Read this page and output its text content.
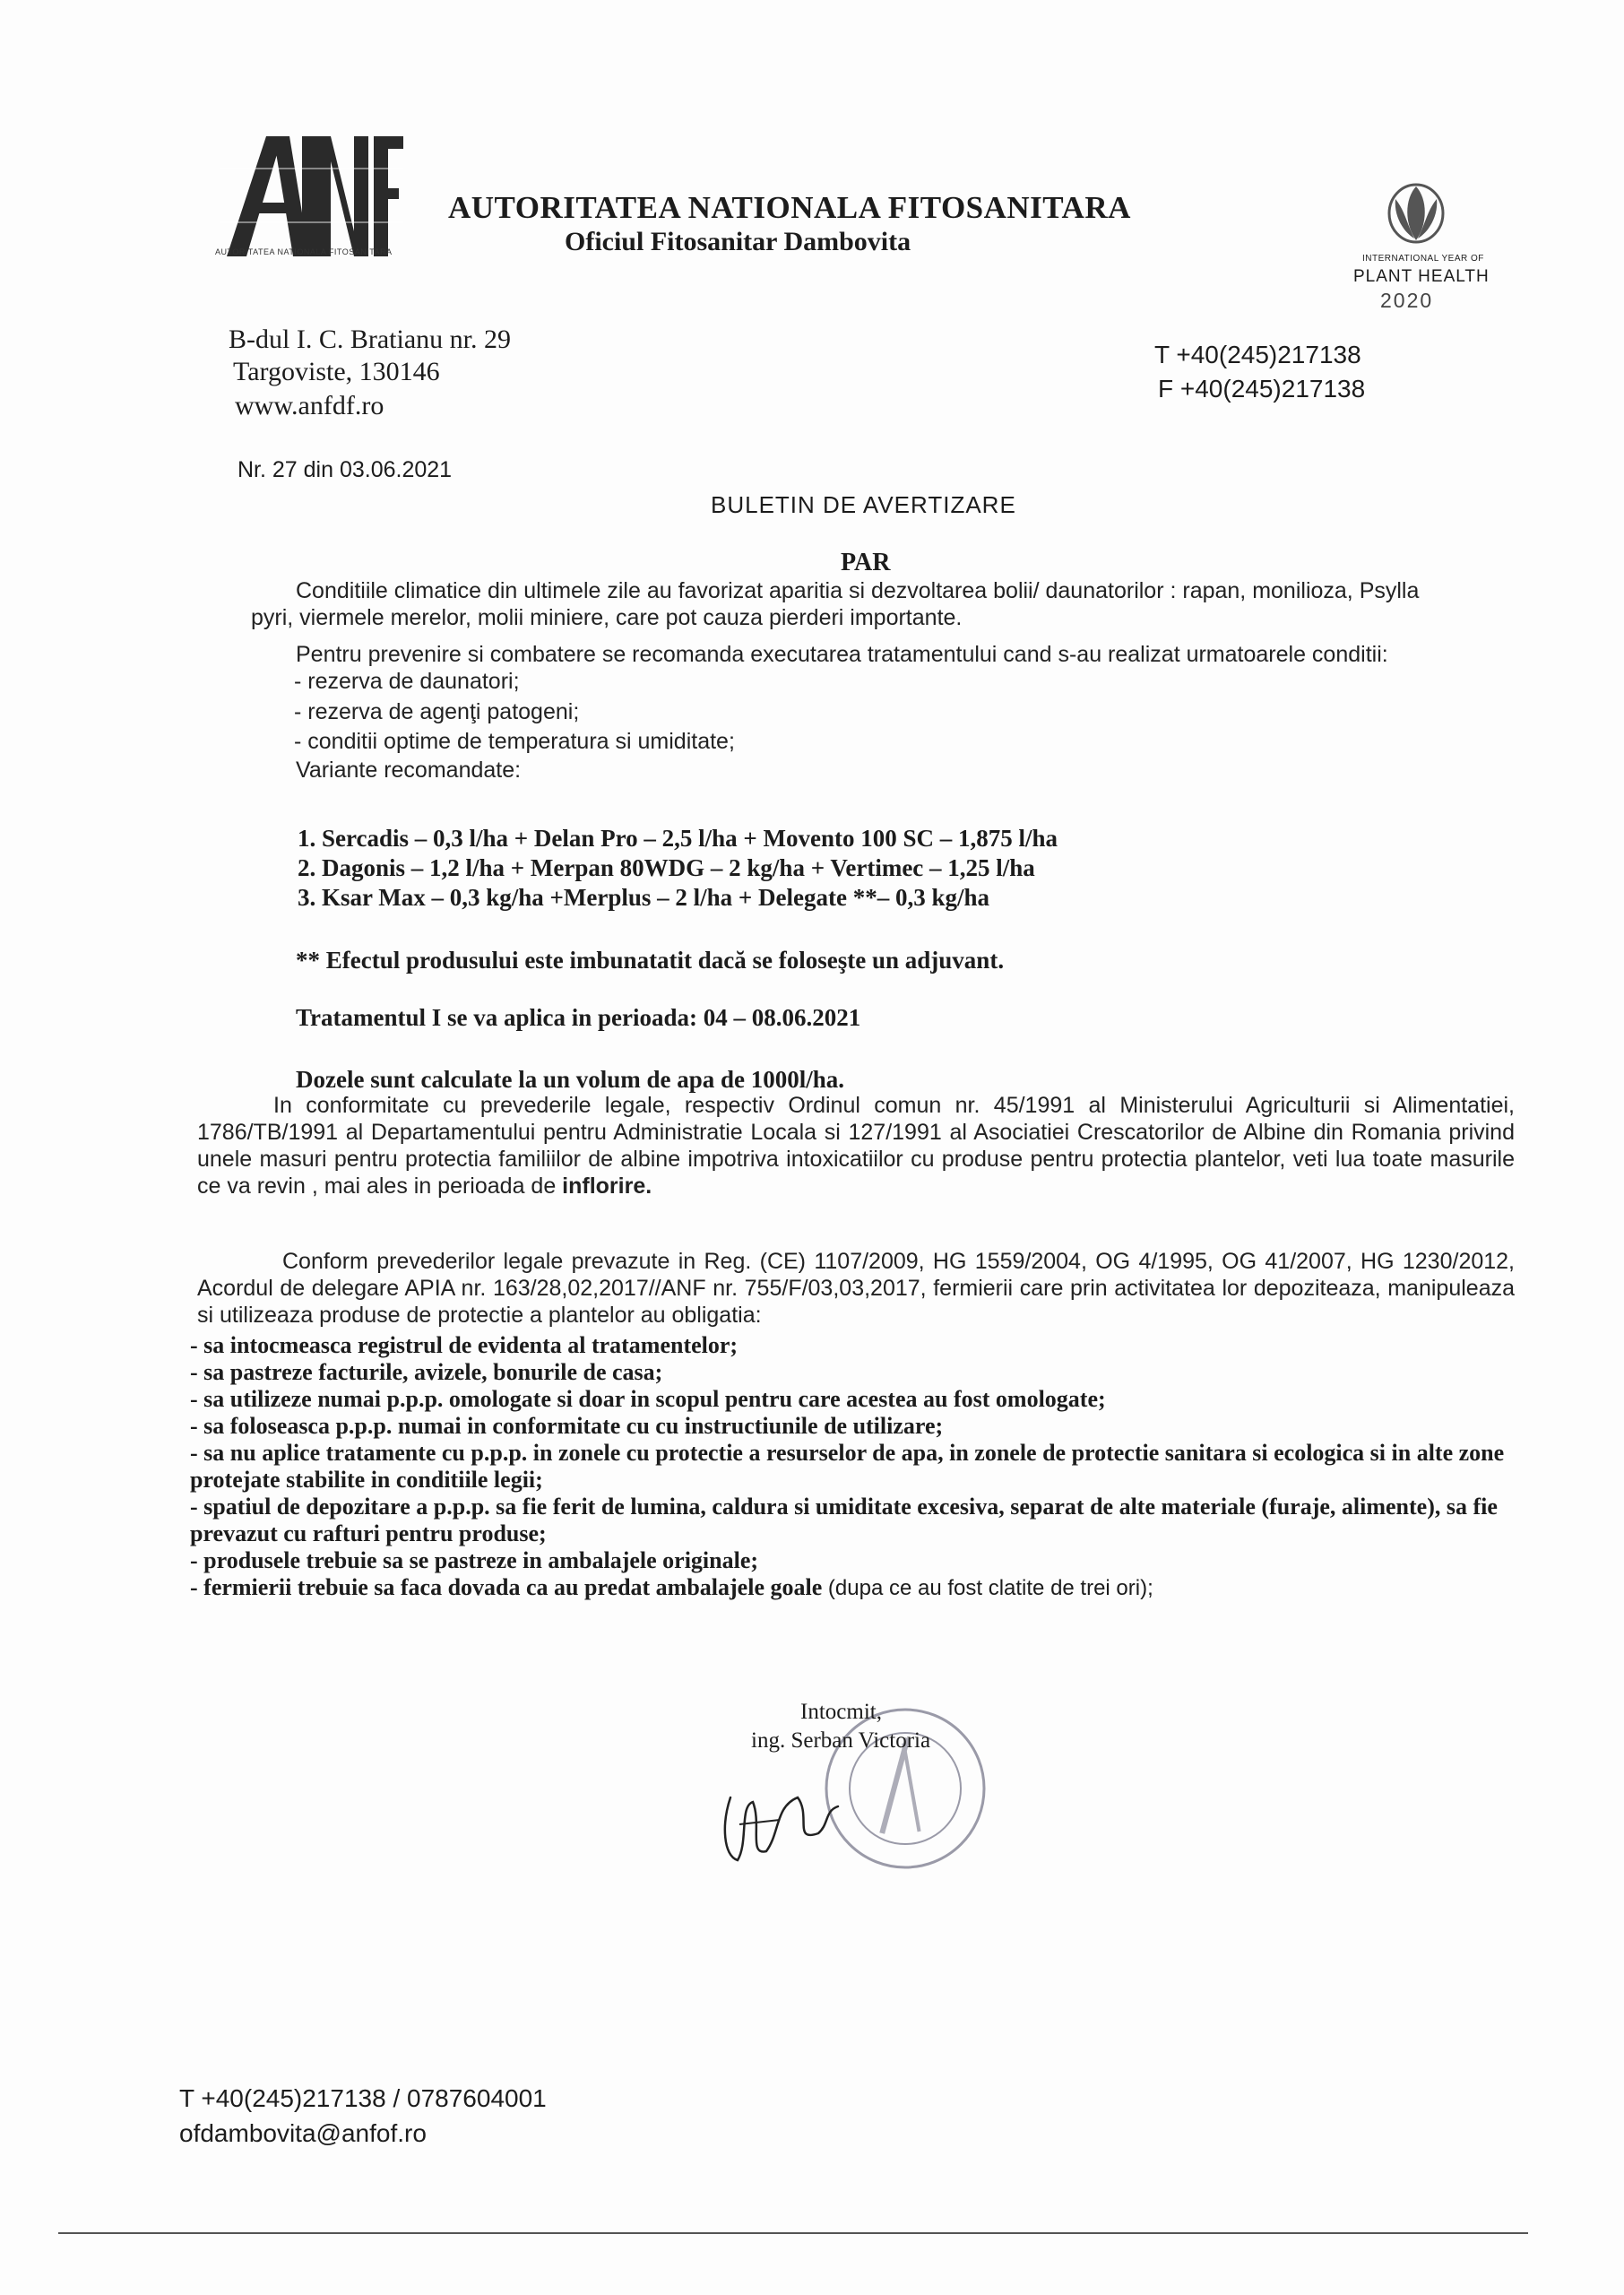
AUTORITATEA NATIONALA FITOSANITARA
AUTORITATEA NATIONALA FITOSANITARA
Oficiul Fitosanitar Dambovita
INTERNATIONAL YEAR OF
PLANT HEALTH
2020
B-dul I. C. Bratianu nr. 29
Targoviste, 130146
www.anfdf.ro
T +40(245)217138
F +40(245)217138
Nr. 27 din 03.06.2021
BULETIN DE AVERTIZARE
PAR
Conditiile climatice din ultimele zile au favorizat aparitia si dezvoltarea bolii/ daunatorilor : rapan, monilioza, Psylla
pyri, viermele merelor, molii miniere, care pot cauza pierderi importante.
Pentru prevenire si combatere se recomanda executarea tratamentului cand s-au realizat urmatoarele conditii:
- rezerva de daunatori;
- rezerva de agenţi patogeni;
- conditii optime de temperatura si umiditate;
Variante recomandate:
1. Sercadis – 0,3 l/ha + Delan Pro – 2,5 l/ha + Movento 100 SC – 1,875 l/ha
2. Dagonis – 1,2 l/ha + Merpan 80WDG – 2 kg/ha + Vertimec – 1,25 l/ha
3. Ksar Max – 0,3 kg/ha +Merplus – 2 l/ha + Delegate **– 0,3 kg/ha
** Efectul produsului este imbunatatit dacă se foloseşte un adjuvant.
Tratamentul I se va aplica in perioada: 04 – 08.06.2021
Dozele sunt calculate la un volum de apa de 1000l/ha.
In conformitate cu prevederile legale, respectiv Ordinul comun nr. 45/1991 al Ministerului Agriculturii si Alimentatiei, 1786/TB/1991 al Departamentului pentru Administratie Locala si 127/1991 al Asociatiei Crescatorilor de Albine din Romania privind unele masuri pentru protectia familiilor de albine impotriva intoxicatiilor cu produse pentru protectia plantelor, veti lua toate masurile ce va revin , mai ales in perioada de inflorire.
Conform prevederilor legale prevazute in Reg. (CE) 1107/2009, HG 1559/2004, OG 4/1995, OG 41/2007, HG 1230/2012, Acordul de delegare APIA nr. 163/28,02,2017//ANF nr. 755/F/03,03,2017, fermierii care prin activitatea lor depoziteaza, manipuleaza si utilizeaza produse de protectie a plantelor au obligatia:
- sa intocmeasca registrul de evidenta al tratamentelor;
- sa pastreze facturile, avizele, bonurile de casa;
- sa utilizeze numai p.p.p. omologate si doar in scopul pentru care acestea au fost omologate;
- sa foloseasca p.p.p. numai in conformitate cu cu instructiunile de utilizare;
- sa nu aplice tratamente cu p.p.p. in zonele cu protectie a resurselor de apa, in zonele de protectie sanitara si ecologica si in alte zone protejate stabilite in conditiile legii;
- spatiul de depozitare a p.p.p. sa fie ferit de lumina, caldura si umiditate excesiva, separat de alte materiale (furaje, alimente), sa fie prevazut cu rafturi pentru produse;
- produsele trebuie sa se pastreze in ambalajele originale;
- fermierii trebuie sa faca dovada ca au predat ambalajele goale (dupa ce au fost clatite de trei ori);
Intocmit,
ing. Serban Victoria
T +40(245)217138 / 0787604001
ofdambovita@anfof.ro
